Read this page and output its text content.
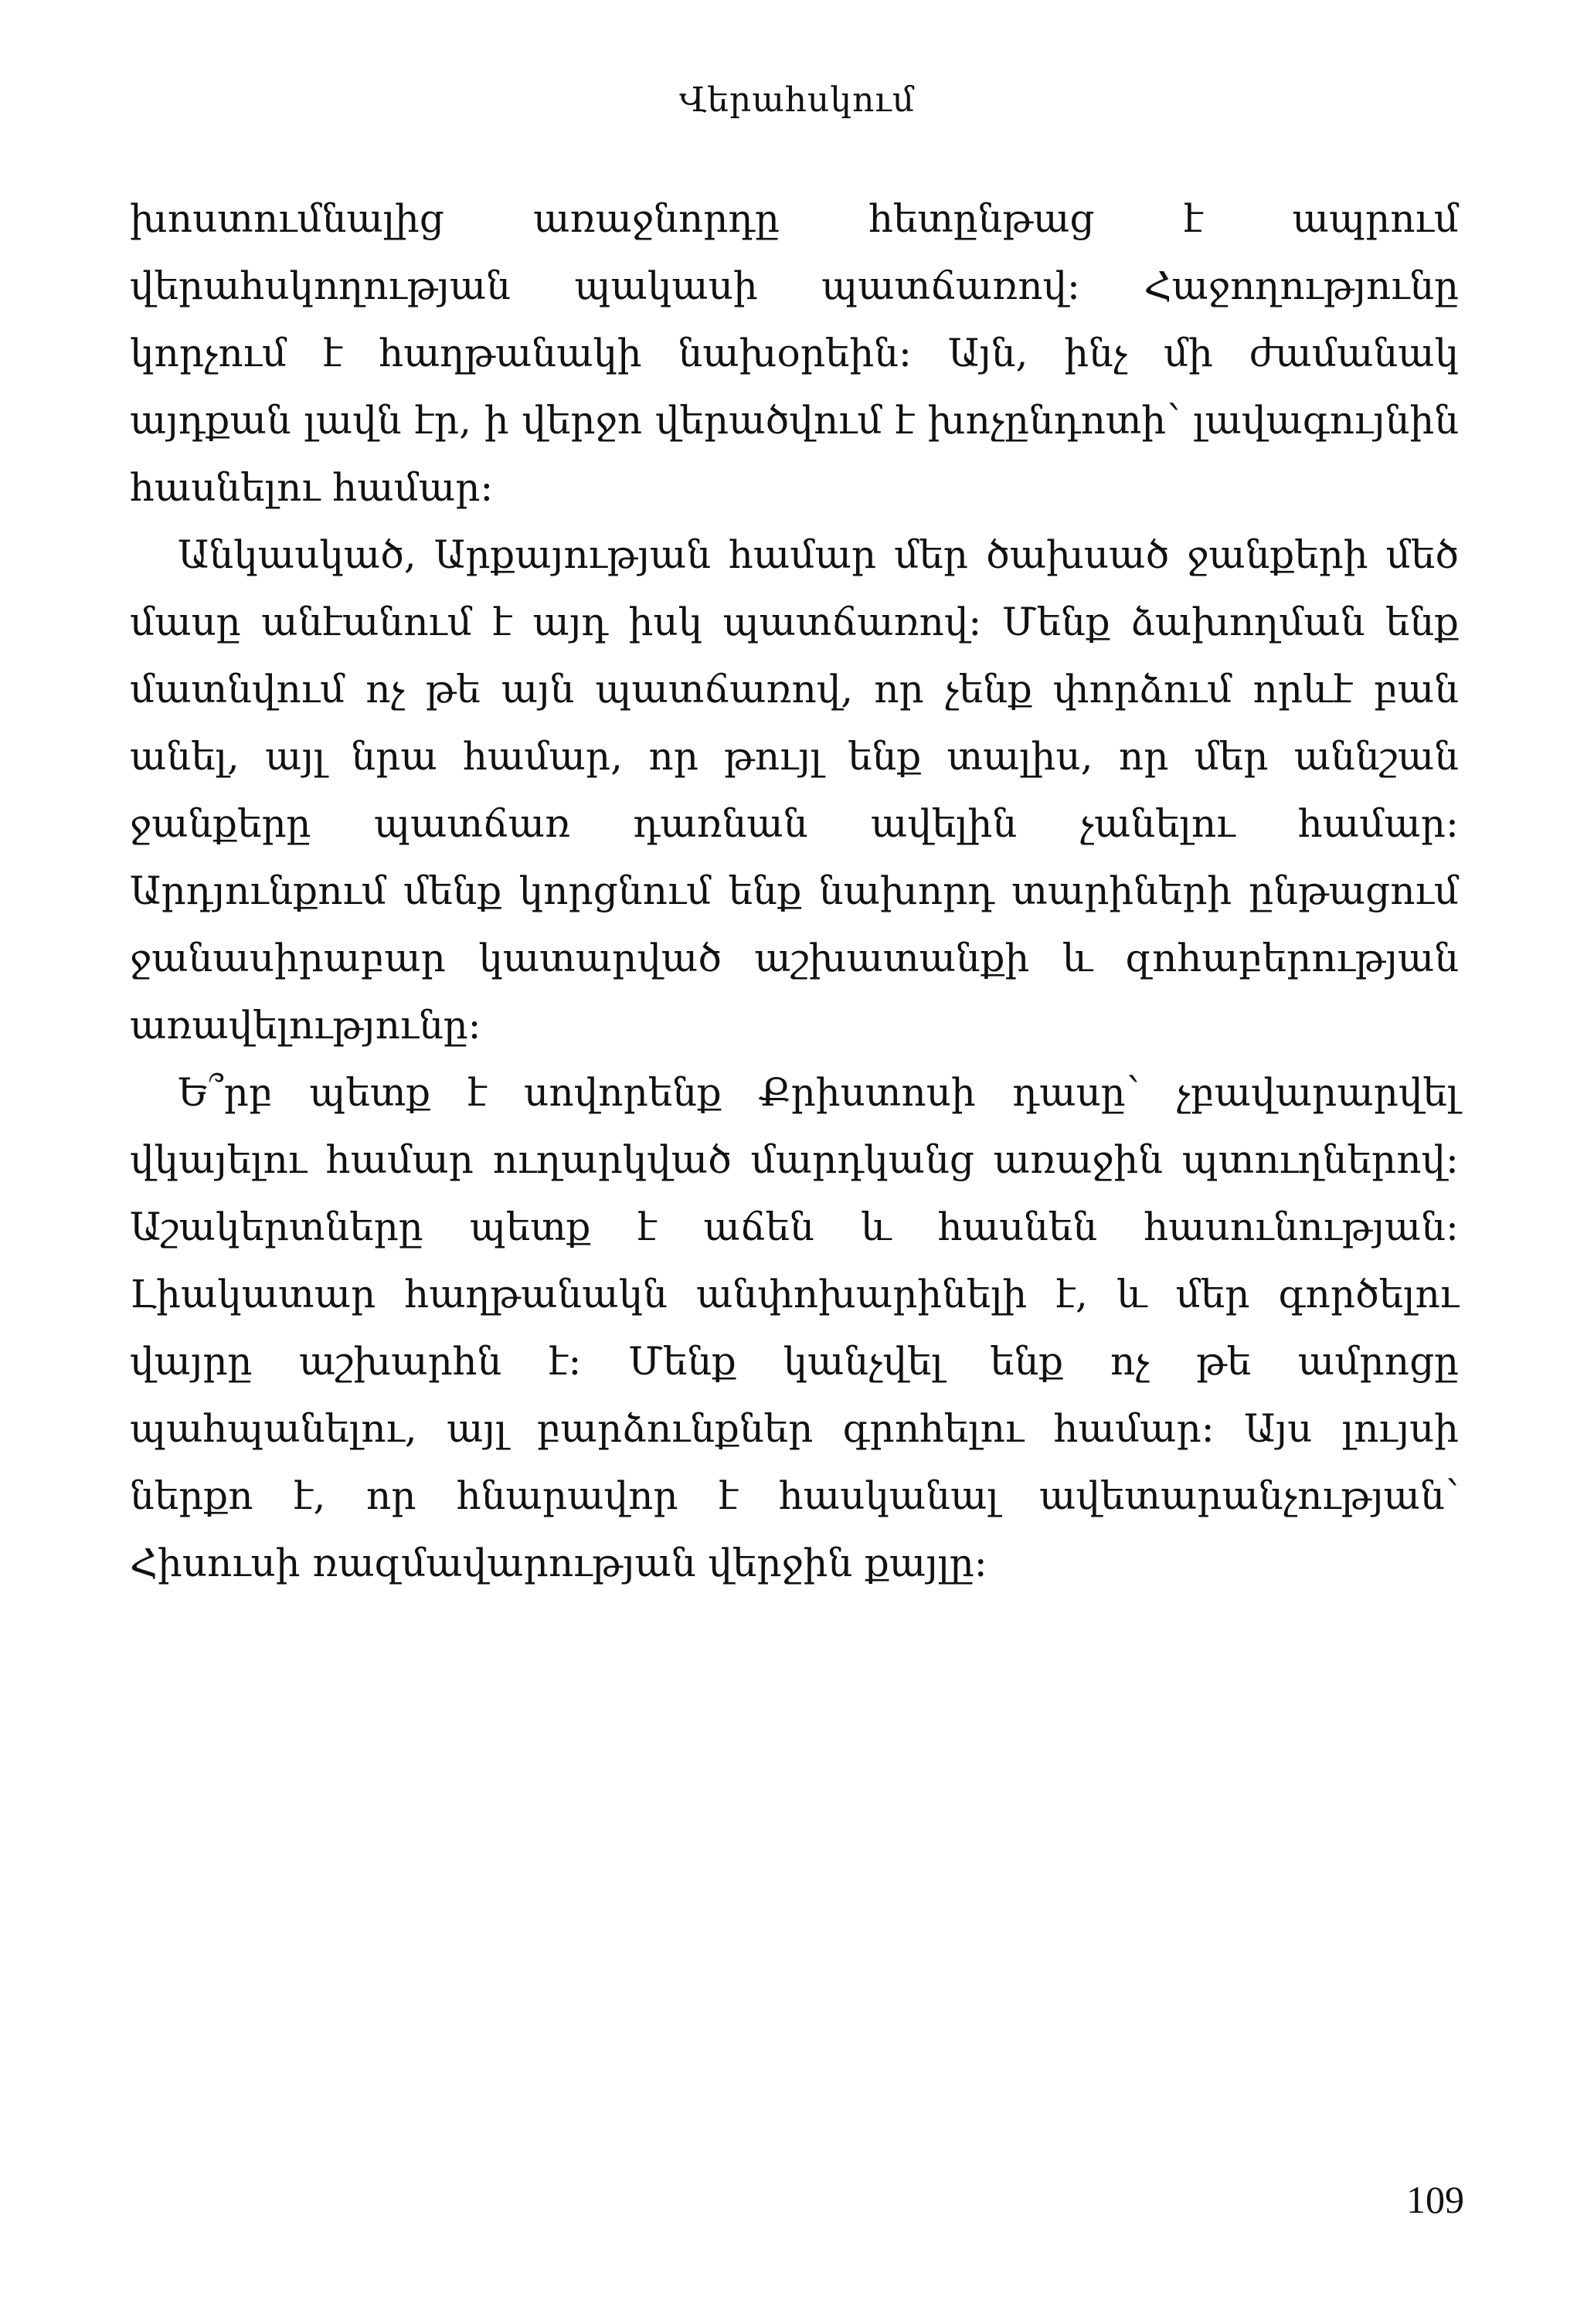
Վերահսկում

խոստումնալից առաջնորդը հետընթաց է ապրում վերահսկողության պակասի պատճառով։ Հաջողությունը կորչում է հաղթանակի նախօրեին։ Այն, ինչ մի ժամանակ այդքան լավն էր, ի վերջո վերածվում է խոչընդոտի՝ լավագույնին հասնելու համար։

Անկասկած, Արքայության համար մեր ծախսած ջանքերի մեծ մասը անէանում է այդ իսկ պատճառով։ Մենք ձախողման ենք մատնվում ոչ թե այն պատճառով, որ չենք փորձում որևէ բան անել, այլ նրա համար, որ թույլ ենք տալիս, որ մեր աննշան ջանքերը պատճառ դառնան ավելին չանելու համար։ Արդյունքում մենք կորցնում ենք նախորդ տարիների ընթացում ջանասիրաբար կատարված աշխատանքի և զոհաբերության առավելությունը։

Ե՞րբ պետք է սովորենք Քրիստոսի դասը՝ չբավարարվել վկայելու համար ուղարկված մարդկանց առաջին պտուղներով։ Աշակերտները պետք է աճեն և հասնեն հասունության։ Լիակատար հաղթանակն անփոխարինելի է, և մեր գործելու վայրը աշխարհն է։ Մենք կանչվել ենք ոչ թե ամրոցը պահպանելու, այլ բարձունքներ գրոհելու համար։ Այս լույսի ներքո է, որ հնարավոր է հասկանալ ավետարանչության՝ Հիսուսի ռազմավարության վերջին քայլը։

109
